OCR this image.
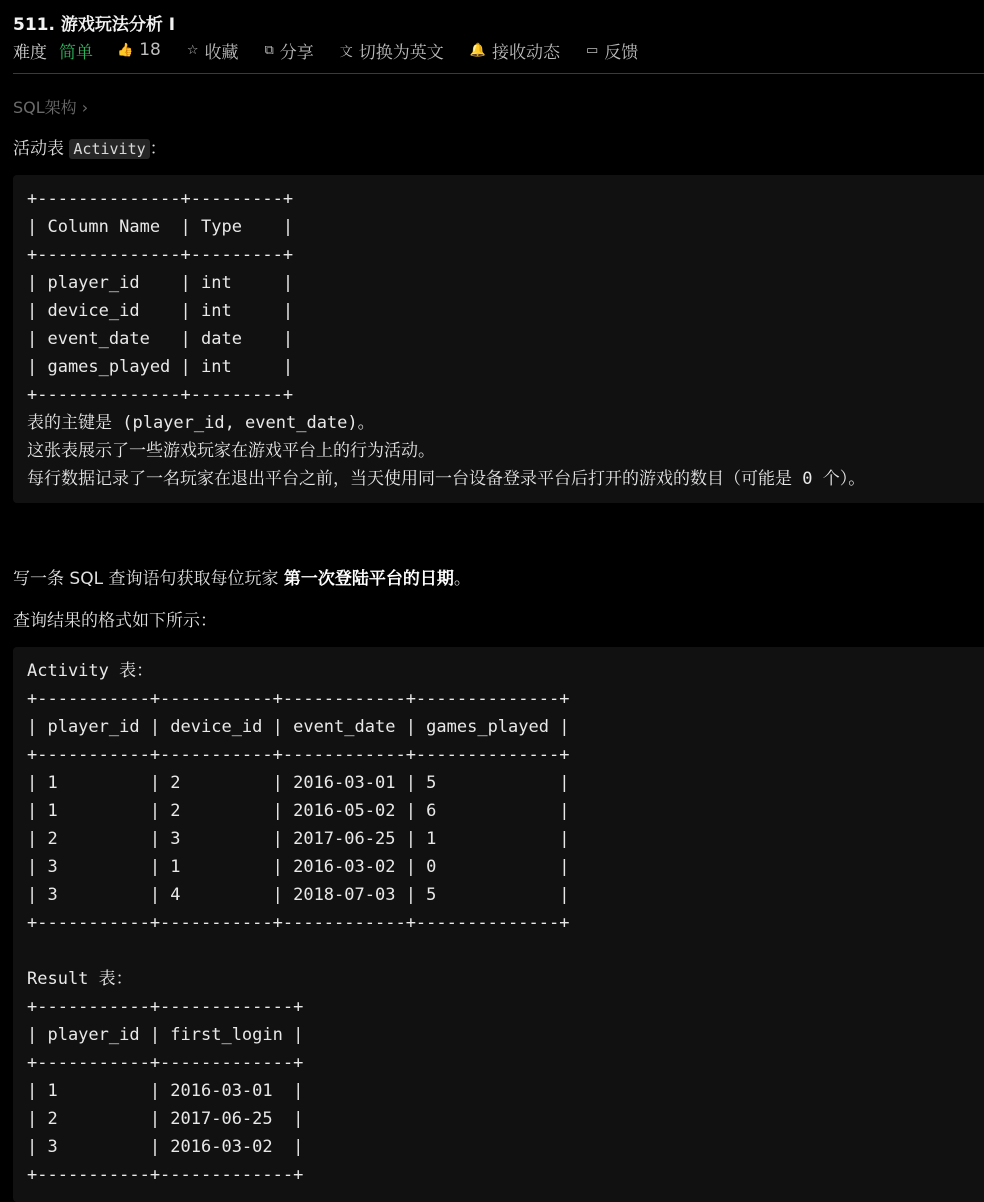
511. 游戏玩法分析 I
难度 简单 👍 18 ☆ 收藏 ⧉ 分享 文 切换为英文 🔔 接收动态 ▭ 反馈
SQL架构 ›
活动表 Activity ：
+--------------+---------+
| Column Name  | Type    |
+--------------+---------+
| player_id    | int     |
| device_id    | int     |
| event_date   | date    |
| games_played | int     |
+--------------+---------+
表的主键是 (player_id, event_date)。
这张表展示了一些游戏玩家在游戏平台上的行为活动。
每行数据记录了一名玩家在退出平台之前，当天使用同一台设备登录平台后打开的游戏的数目（可能是 0 个）。
写一条 SQL 查询语句获取每位玩家 第一次登陆平台的日期。
查询结果的格式如下所示：
Activity 表：
+-----------+-----------+------------+--------------+
| player_id | device_id | event_date | games_played |
+-----------+-----------+------------+--------------+
| 1         | 2         | 2016-03-01 | 5            |
| 1         | 2         | 2016-05-02 | 6            |
| 2         | 3         | 2017-06-25 | 1            |
| 3         | 1         | 2016-03-02 | 0            |
| 3         | 4         | 2018-07-03 | 5            |
+-----------+-----------+------------+--------------+

Result 表：
+-----------+-------------+
| player_id | first_login |
+-----------+-------------+
| 1         | 2016-03-01  |
| 2         | 2017-06-25  |
| 3         | 2016-03-02  |
+-----------+-------------+
